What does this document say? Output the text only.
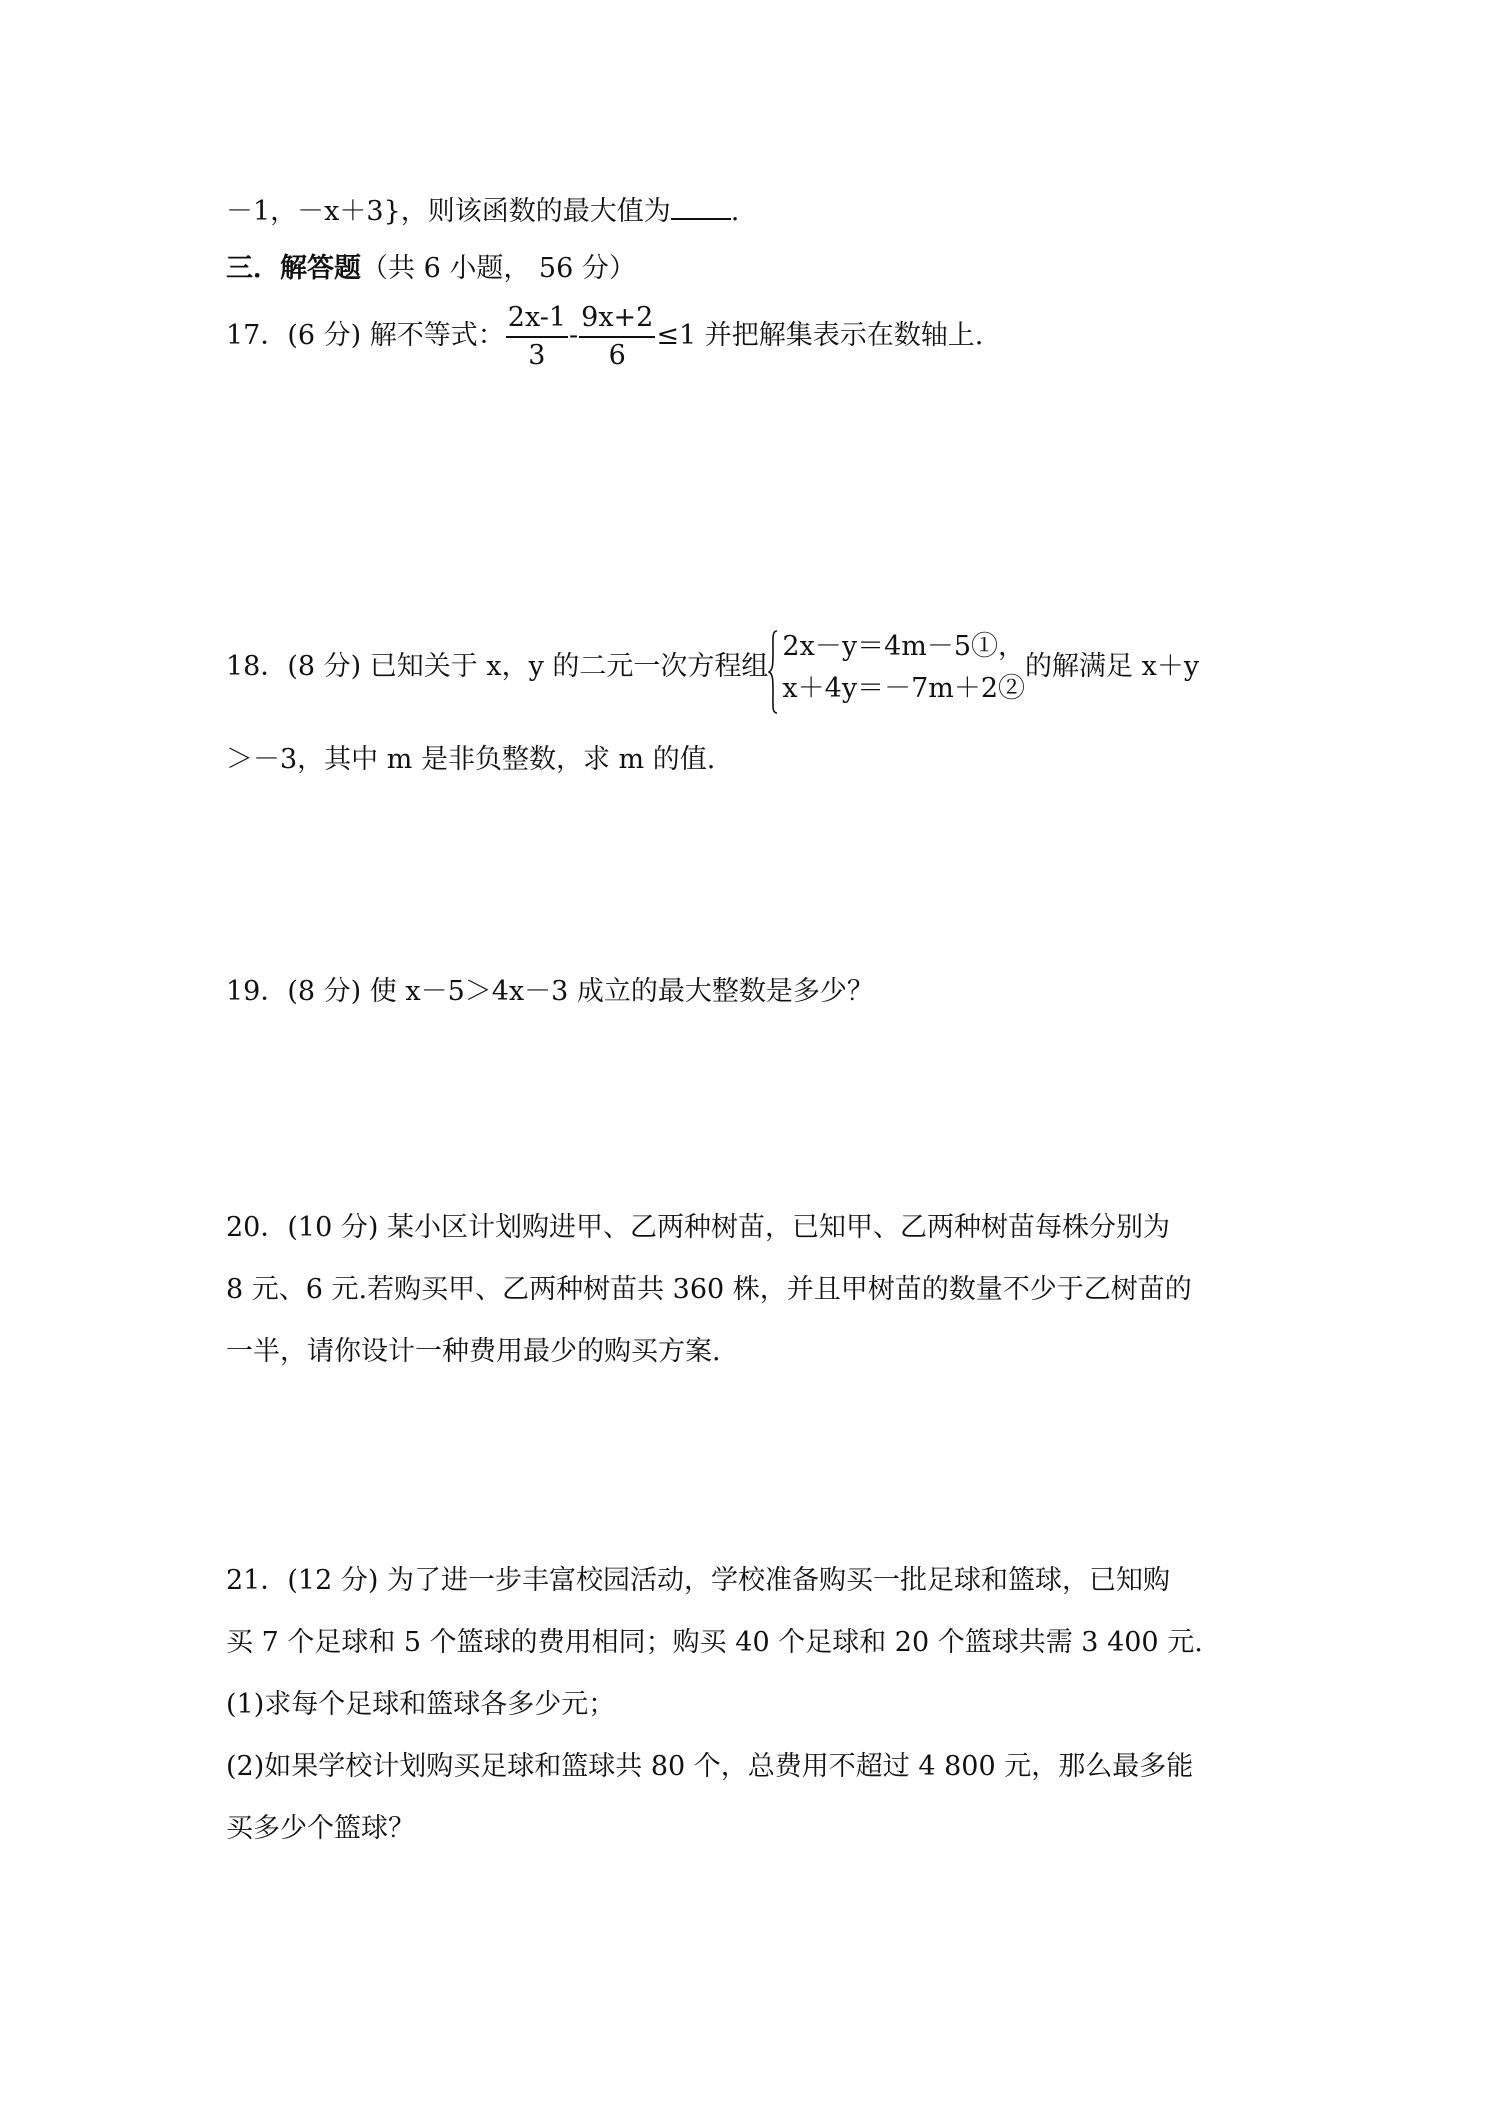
－1，－x＋3}，则该函数的最大值为 .
三．解答题（共 6 小题， 56 分）
17．(6 分) 解不等式： $\frac{2x-1}{3} - \frac{9x+2}{6} \le 1$ 并把解集表示在数轴上.
18．(8 分) 已知关于 x，y 的二元一次方程组
2x－y＝4m－5①，
x＋4y＝－7m＋2②
的解满足 x＋y
＞－3，其中 m 是非负整数，求 m 的值.
19．(8 分) 使 x－5＞4x－3 成立的最大整数是多少？
20．(10 分) 某小区计划购进甲、乙两种树苗，已知甲、乙两种树苗每株分别为
8 元、6 元.若购买甲、乙两种树苗共 360 株，并且甲树苗的数量不少于乙树苗的
一半，请你设计一种费用最少的购买方案.
21．(12 分) 为了进一步丰富校园活动，学校准备购买一批足球和篮球，已知购
买 7 个足球和 5 个篮球的费用相同；购买 40 个足球和 20 个篮球共需 3 400 元.
(1)求每个足球和篮球各多少元；
(2)如果学校计划购买足球和篮球共 80 个，总费用不超过 4 800 元，那么最多能
买多少个篮球？
